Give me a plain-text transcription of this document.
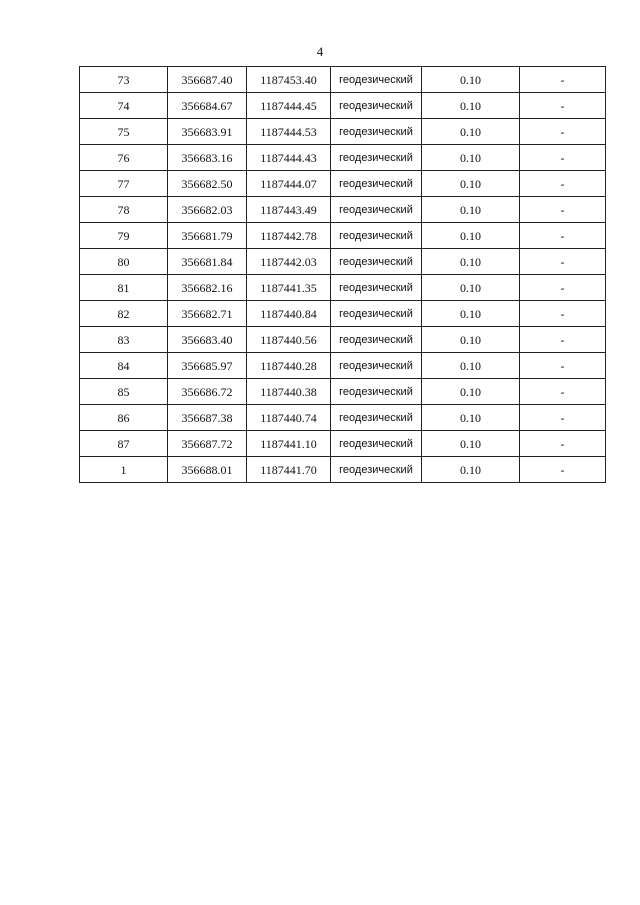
4
73	356687.40	1187453.40	геодезический	0.10	-
74	356684.67	1187444.45	геодезический	0.10	-
75	356683.91	1187444.53	геодезический	0.10	-
76	356683.16	1187444.43	геодезический	0.10	-
77	356682.50	1187444.07	геодезический	0.10	-
78	356682.03	1187443.49	геодезический	0.10	-
79	356681.79	1187442.78	геодезический	0.10	-
80	356681.84	1187442.03	геодезический	0.10	-
81	356682.16	1187441.35	геодезический	0.10	-
82	356682.71	1187440.84	геодезический	0.10	-
83	356683.40	1187440.56	геодезический	0.10	-
84	356685.97	1187440.28	геодезический	0.10	-
85	356686.72	1187440.38	геодезический	0.10	-
86	356687.38	1187440.74	геодезический	0.10	-
87	356687.72	1187441.10	геодезический	0.10	-
1	356688.01	1187441.70	геодезический	0.10	-
